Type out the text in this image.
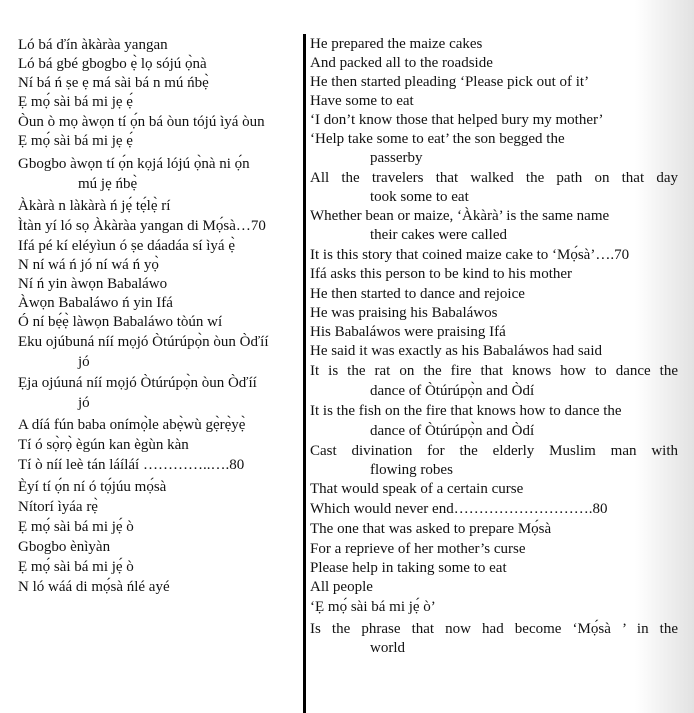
Ló bá ďín àkàràa yangan
Ló bá gbé gbogbo ẹ̀ lọ sójú ọ̀nà
Ní bá ń ṣe ẹ má sài bá n mú ńbẹ̀
Ẹ mọ́ sài bá mi jẹ ẹ́
Òun ò mọ àwọn tí ọ́n bá òun tójú ìyá òun
Ẹ mọ́ sài bá mi jẹ ẹ́
Gbogbo àwọn tí ọ́n kọjá lójú ọ̀nà ni ọ́n
mú jẹ ńbẹ̀
Àkàrà n làkàrà ń jẹ́ tẹ́lẹ̀ rí
Ìtàn yí ló sọ Àkàràa yangan di Mọ́sà…70
Ifá pé kí eléyìun ó ṣe dáadáa sí ìyá ẹ̀
N ní wá ń jó ní wá ń yọ̀
Ní ń yin àwọn Babaláwo
Àwọn Babaláwo ń yin Ifá
Ó ní bẹ́ẹ̀ làwọn Babaláwo tòún wí
Eku ojúbuná níí mọjó Òtúrúpọ̀n òun Òďíí
jó
Ẹja ojúuná níí mọjó Òtúrúpọ̀n òun Òďíí
jó
A díá fún baba onímọ̀le abẹ̀wù gẹ̀rẹ̀yẹ̀
Tí ó sọ̀rọ̀ ègún kan ègùn kàn
Tí ò níí leè tán láíláí …………..….80
Èyí tí ọ́n ní ó tọ́júu mọ́sà
Nítorí ìyáa rẹ̀
Ẹ mọ́ sài bá mi jẹ́ ò
Gbogbo ènìyàn
Ẹ mọ́ sài bá mi jẹ́ ò
N ló wáá di mọ́sà ńlé ayé
He prepared the maize cakes
And packed all to the roadside
He then started pleading ‘Please pick out of it’
Have some to eat
‘I don’t know those that helped bury my mother’
‘Help take some to eat’ the son begged the
passerby
All the travelers that walked the path on that day
took some to eat
Whether bean or maize, ‘Àkàrà’ is the same name
their cakes were called
It is this story that coined maize cake to ‘Mọ́sà’….70
Ifá asks this person to be kind to his mother
He then started to dance and rejoice
He was praising his Babaláwos
His Babaláwos were praising Ifá
He said it was exactly as his Babaláwos had said
It is the rat on the fire that knows how to dance the
dance of Òtúrúpọ̀n and Òdí
It is the fish on the fire that knows how to dance the
dance of Òtúrúpọ̀n and Òdí
Cast divination for the elderly Muslim man with
flowing robes
That would speak of a certain curse
Which would never end……………………….80
The one that was asked to prepare Mọ́sà
For a reprieve of her mother’s curse
Please help in taking some to eat
All people
‘Ẹ mọ́ sài bá mi jẹ́ ò’
Is the phrase that now had become ‘Mọ́sà ’ in the
world
